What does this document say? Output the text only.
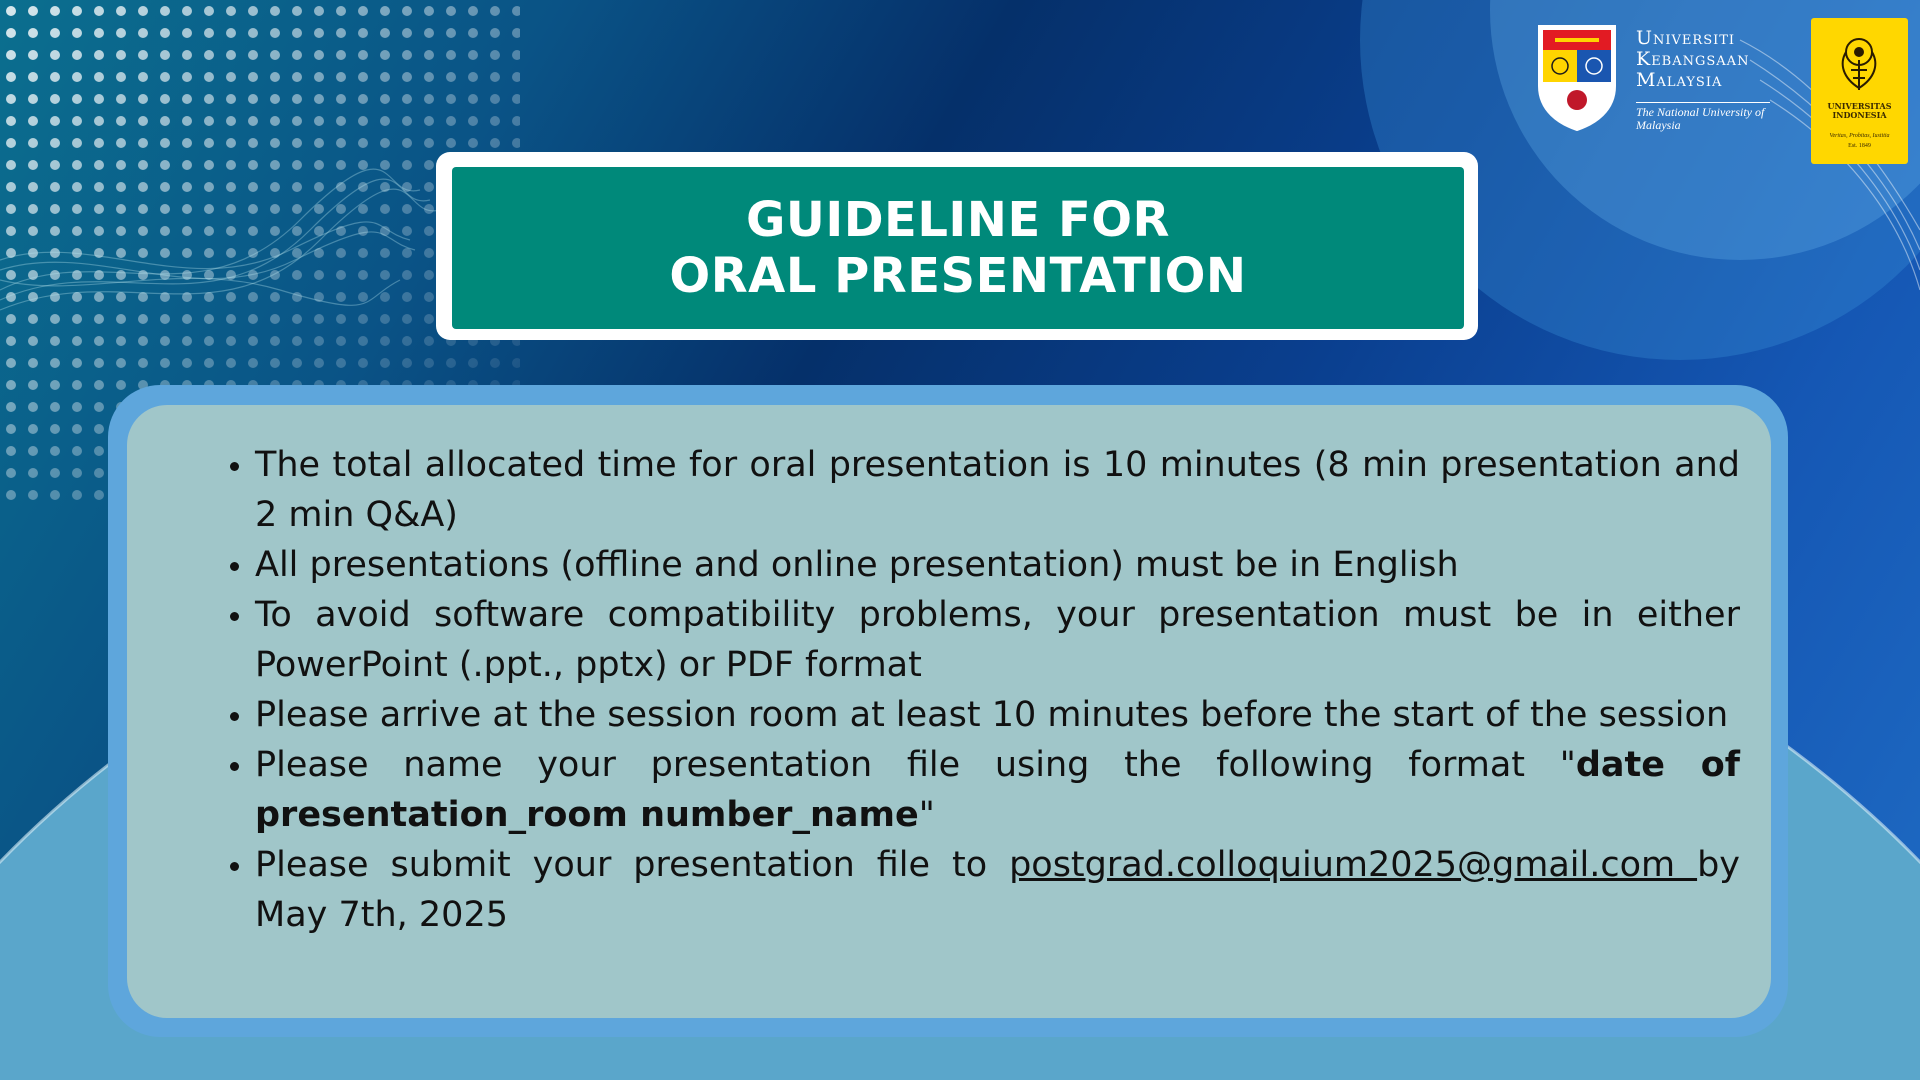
GUIDELINE FOR
ORAL PRESENTATION
Universiti
Kebangsaan
Malaysia
The National University of Malaysia
UNIVERSITAS INDONESIA
Veritas, Probitas, Iustitia
Est. 1849
• The total allocated time for oral presentation is 10 minutes (8 min presentation and 2 min Q&A)
• All presentations (offline and online presentation) must be in English
• To avoid software compatibility problems, your presentation must be in either PowerPoint (.ppt., pptx) or PDF format
• Please arrive at the session room at least 10 minutes before the start of the session
• Please name your presentation file using the following format "date of presentation_room number_name"
• Please submit your presentation file to postgrad.colloquium2025@gmail.com by May 7th, 2025
